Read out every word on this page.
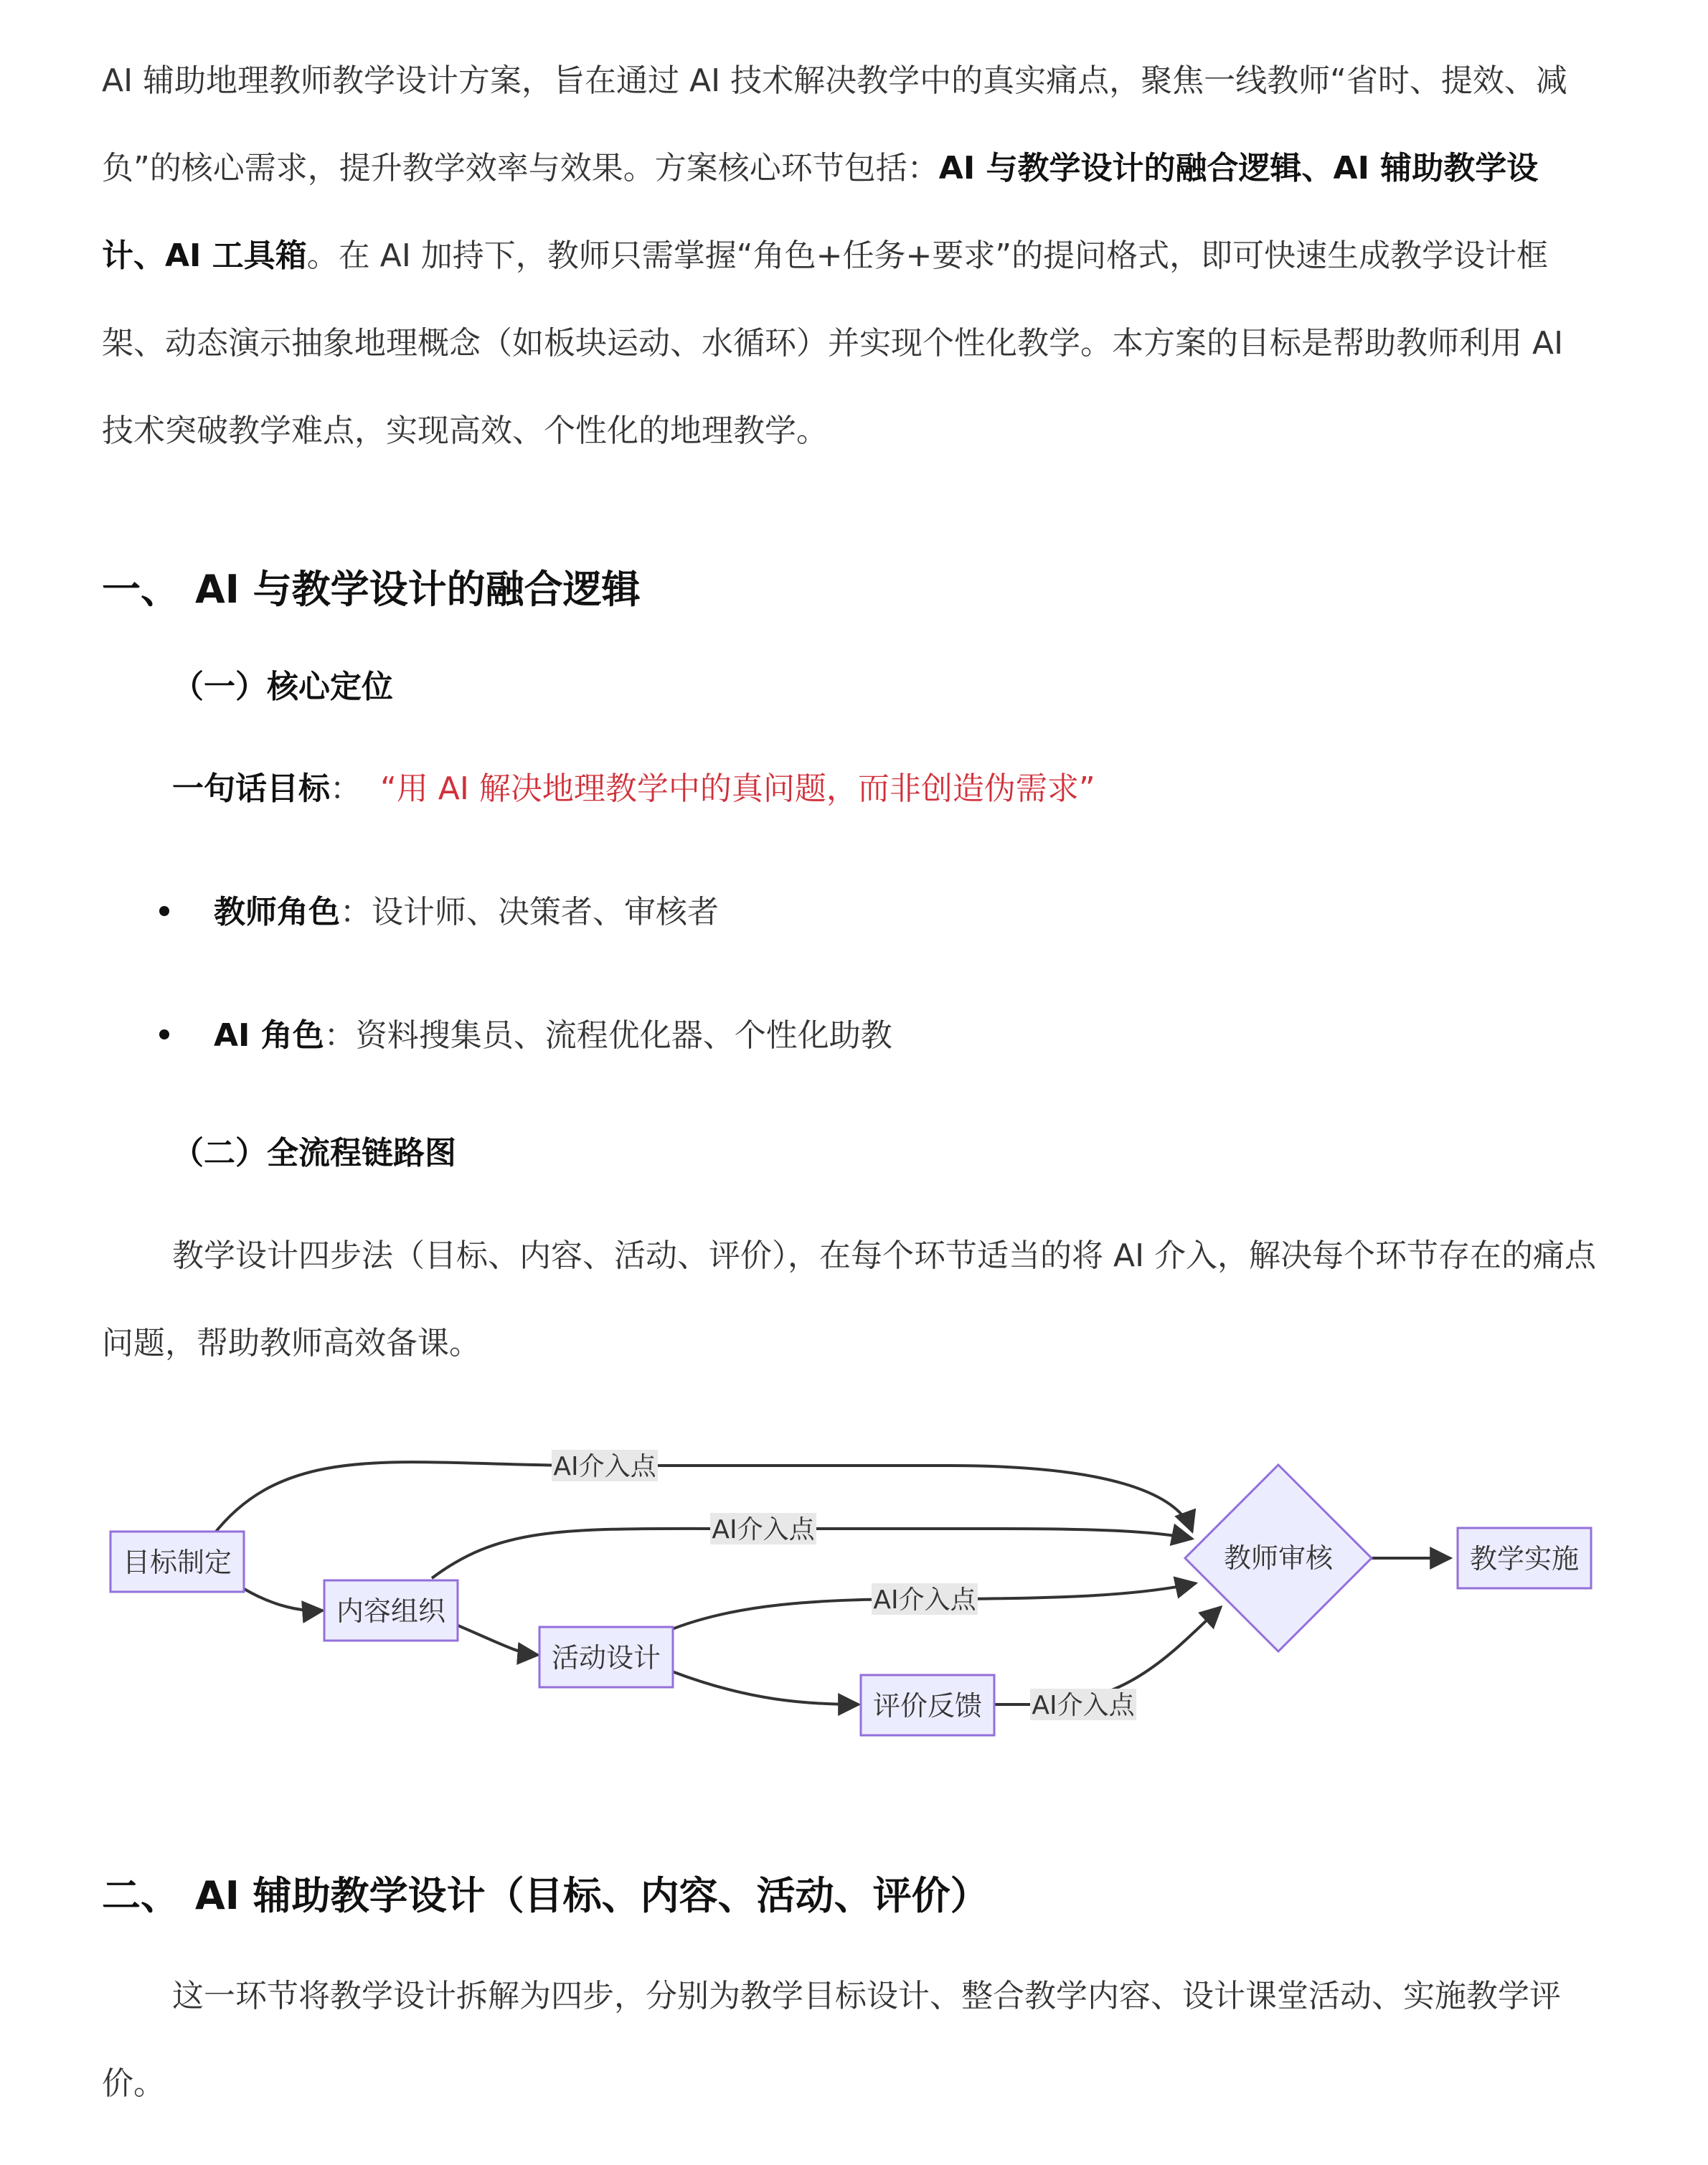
AI 辅助地理教师教学设计方案，旨在通过 AI 技术解决教学中的真实痛点，聚焦一线教师“省时、提效、减负”的核心需求，提升教学效率与效果。方案核心环节包括：AI 与教学设计的融合逻辑、AI 辅助教学设计、AI 工具箱。在 AI 加持下，教师只需掌握“角色+任务+要求”的提问格式，即可快速生成教学设计框架、动态演示抽象地理概念（如板块运动、水循环）并实现个性化教学。本方案的目标是帮助教师利用 AI 技术突破教学难点，实现高效、个性化的地理教学。

一、 AI 与教学设计的融合逻辑
（一）核心定位

一句话目标： “用 AI 解决地理教学中的真问题，而非创造伪需求”

教师角色：设计师、决策者、审核者

AI 角色：资料搜集员、流程优化器、个性化助教

（二）全流程链路图

教学设计四步法（目标、内容、活动、评价），在每个环节适当的将 AI 介入，解决每个环节存在的痛点问题，帮助教师高效备课。

AI介入点
AI介入点
AI介入点
AI介入点
目标制定
内容组织
活动设计
评价反馈
教师审核	教学实施
二、 AI 辅助教学设计（目标、内容、活动、评价）

这一环节将教学设计拆解为四步，分别为教学目标设计、整合教学内容、设计课堂活动、实施教学评价。
